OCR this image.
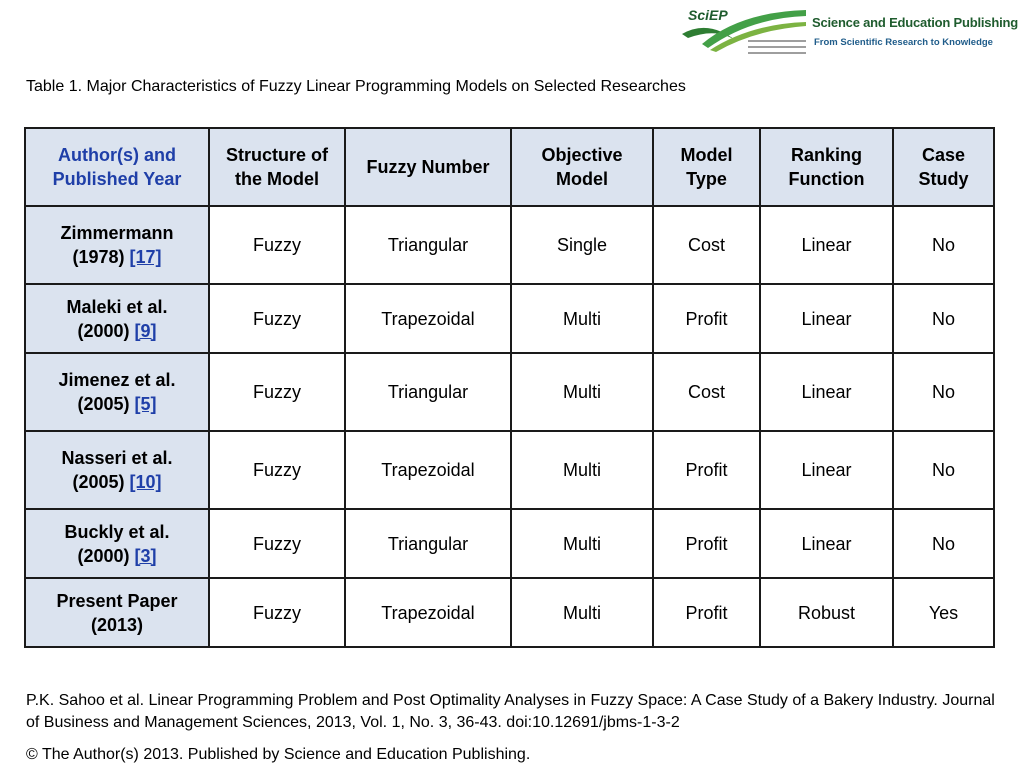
SciEP	Science and Education Publishing
From Scientific Research to Knowledge
Table 1. Major Characteristics of Fuzzy Linear Programming Models on Selected Researches
Author(s) and Published Year	Structure of the Model	Fuzzy Number	Objective Model	Model Type	Ranking Function	Case Study
Zimmermann
(1978) [17]	Fuzzy	Triangular	Single	Cost	Linear	No
Maleki et al.
(2000) [9]	Fuzzy	Trapezoidal	Multi	Profit	Linear	No
Jimenez et al.
(2005) [5]	Fuzzy	Triangular	Multi	Cost	Linear	No
Nasseri et al.
(2005) [10]	Fuzzy	Trapezoidal	Multi	Profit	Linear	No
Buckly et al.
(2000) [3]	Fuzzy	Triangular	Multi	Profit	Linear	No
Present Paper
(2013)	Fuzzy	Trapezoidal	Multi	Profit	Robust	Yes
P.K. Sahoo et al. Linear Programming Problem and Post Optimality Analyses in Fuzzy Space: A Case Study of a Bakery Industry. Journal of Business and Management Sciences, 2013, Vol. 1, No. 3, 36-43. doi:10.12691/jbms-1-3-2
© The Author(s) 2013. Published by Science and Education Publishing.
